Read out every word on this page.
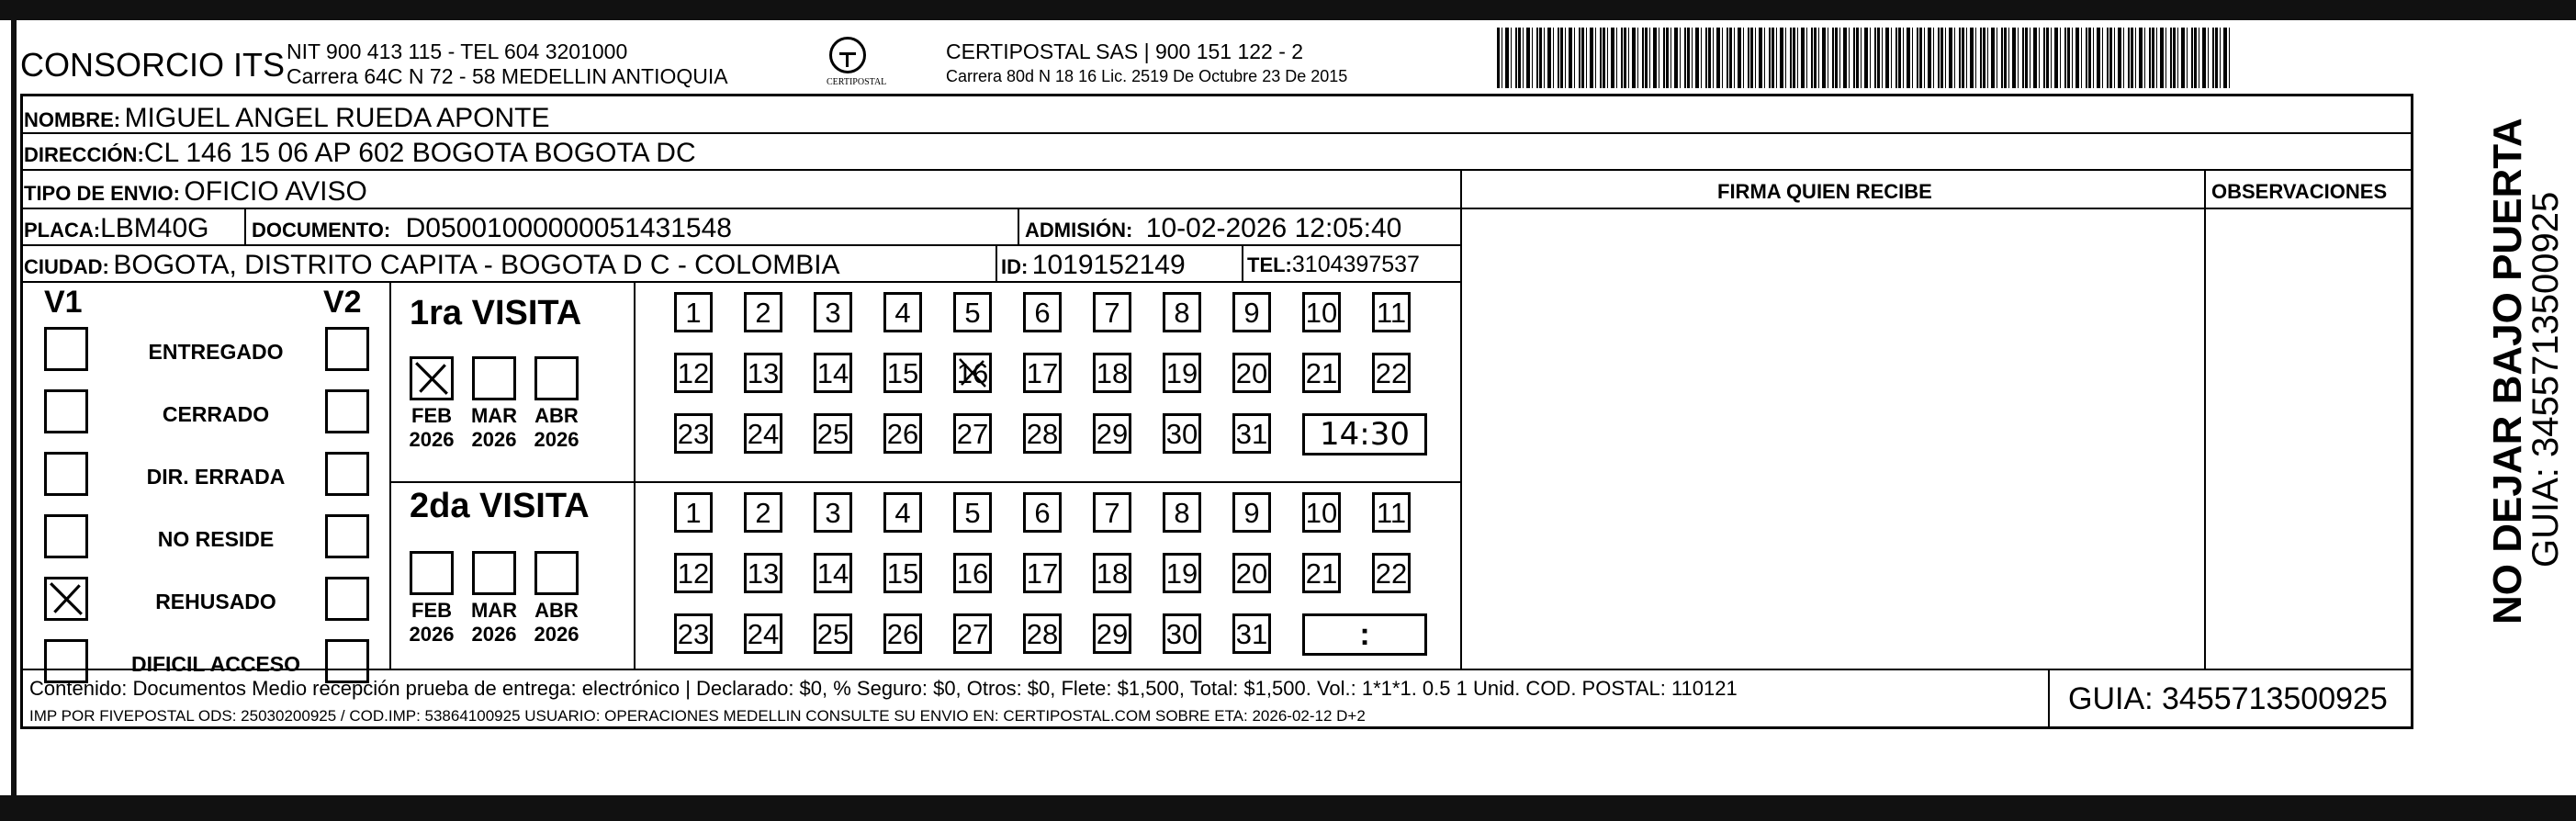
CONSORCIO ITS NIT 900 413 115 - TEL 604 3201000
Carrera 64C N 72 - 58 MEDELLIN ANTIOQUIA	CERTIPOSTAL
CERTIPOSTAL SAS | 900 151 122 - 2
Carrera 80d N 18 16 Lic. 2519 De Octubre 23 De 2015
NOMBRE: MIGUEL ANGEL RUEDA APONTE
DIRECCIÓN:CL 146 15 06 AP 602 BOGOTA BOGOTA DC
TIPO DE ENVIO: OFICIO AVISO	FIRMA QUIEN RECIBE	OBSERVACIONES
PLACA:LBM40G DOCUMENTO: D05001000000051431548	ADMISIÓN: 10-02-2026 12:05:40
CIUDAD: BOGOTA, DISTRITO CAPITA - BOGOTA D C - COLOMBIA	ID: 1019152149	TEL:3104397537
V1	V2 1ra VISITA
2da VISITA
Contenido: Documentos Medio recepción prueba de entrega: electrónico | Declarado: $0, % Seguro: $0, Otros: $0, Flete: $1,500, Total: $1,500. Vol.: 1*1*1. 0.5 1 Unid. COD. POSTAL: 110121
IMP POR FIVEPOSTAL ODS: 25030200925 / COD.IMP: 53864100925 USUARIO: OPERACIONES MEDELLIN CONSULTE SU ENVIO EN: CERTIPOSTAL.COM SOBRE ETA: 2026-02-12 D+2	GUIA: 3455713500925
NO DEJAR BAJO PUERTA
GUIA: 3455713500925
ENTREGADO
CERRADO
DIR. ERRADA
NO RESIDE
REHUSADO
DIFICIL ACCESO
FEB
2026
MAR
2026
ABR
2026
FEB
2026
MAR
2026
ABR
2026
1	2	3	4	5	6	7	8	9	10 11
12 13 14 15 16 17 18 19 20 21 22
23 24 25 26 27 28 29 30 31	14:30
1	2	3	4	5	6	7	8	9	10 11
12 13 14 15 16 17 18 19 20 21 22
23 24 25 26 27 28 29 30 31	:
